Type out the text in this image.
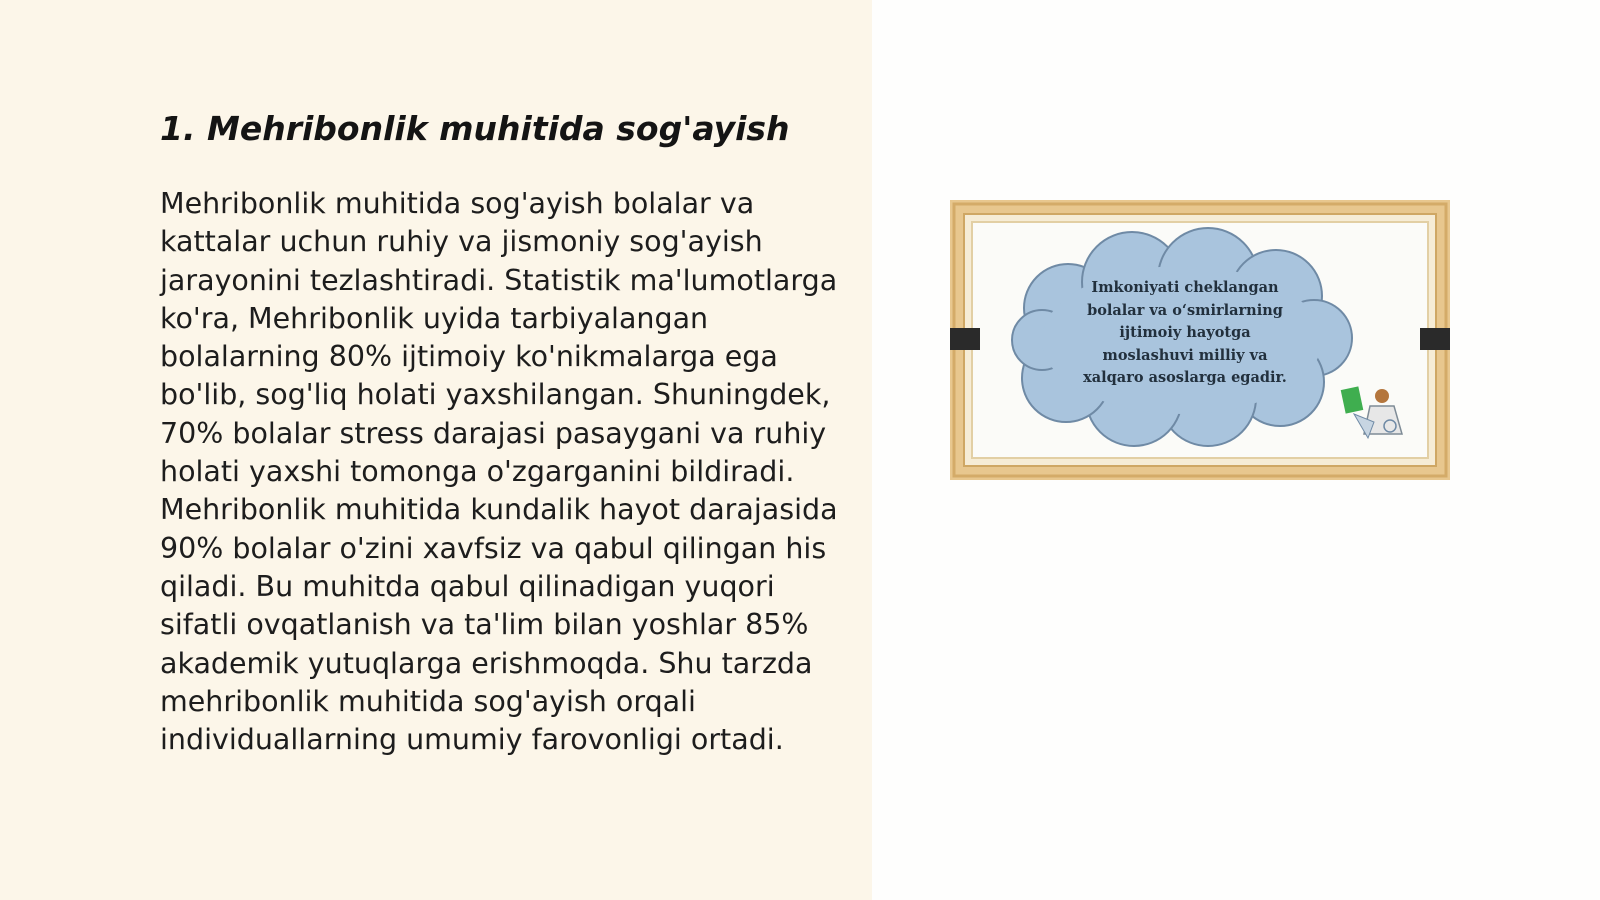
1. Mehribonlik muhitida sog'ayish

Mehribonlik muhitida sog'ayish bolalar va kattalar uchun ruhiy va jismoniy sog'ayish jarayonini tezlashtiradi. Statistik ma'lumotlarga ko'ra, Mehribonlik uyida tarbiyalangan bolalarning 80% ijtimoiy ko'nikmalarga ega bo'lib, sog'liq holati yaxshilangan. Shuningdek, 70% bolalar stress darajasi pasaygani va ruhiy holati yaxshi tomonga o'zgarganini bildiradi. Mehribonlik muhitida kundalik hayot darajasida 90% bolalar o'zini xavfsiz va qabul qilingan his qiladi. Bu muhitda qabul qilinadigan yuqori sifatli ovqatlanish va ta'lim bilan yoshlar 85% akademik yutuqlarga erishmoqda. Shu tarzda mehribonlik muhitida sog'ayish orqali individuallarning umumiy farovonligi ortadi.

Imkoniyati cheklangan
bolalar va o‘smirlarning
ijtimoiy hayotga
moslashuvi milliy va
xalqaro asoslarga egadir.
